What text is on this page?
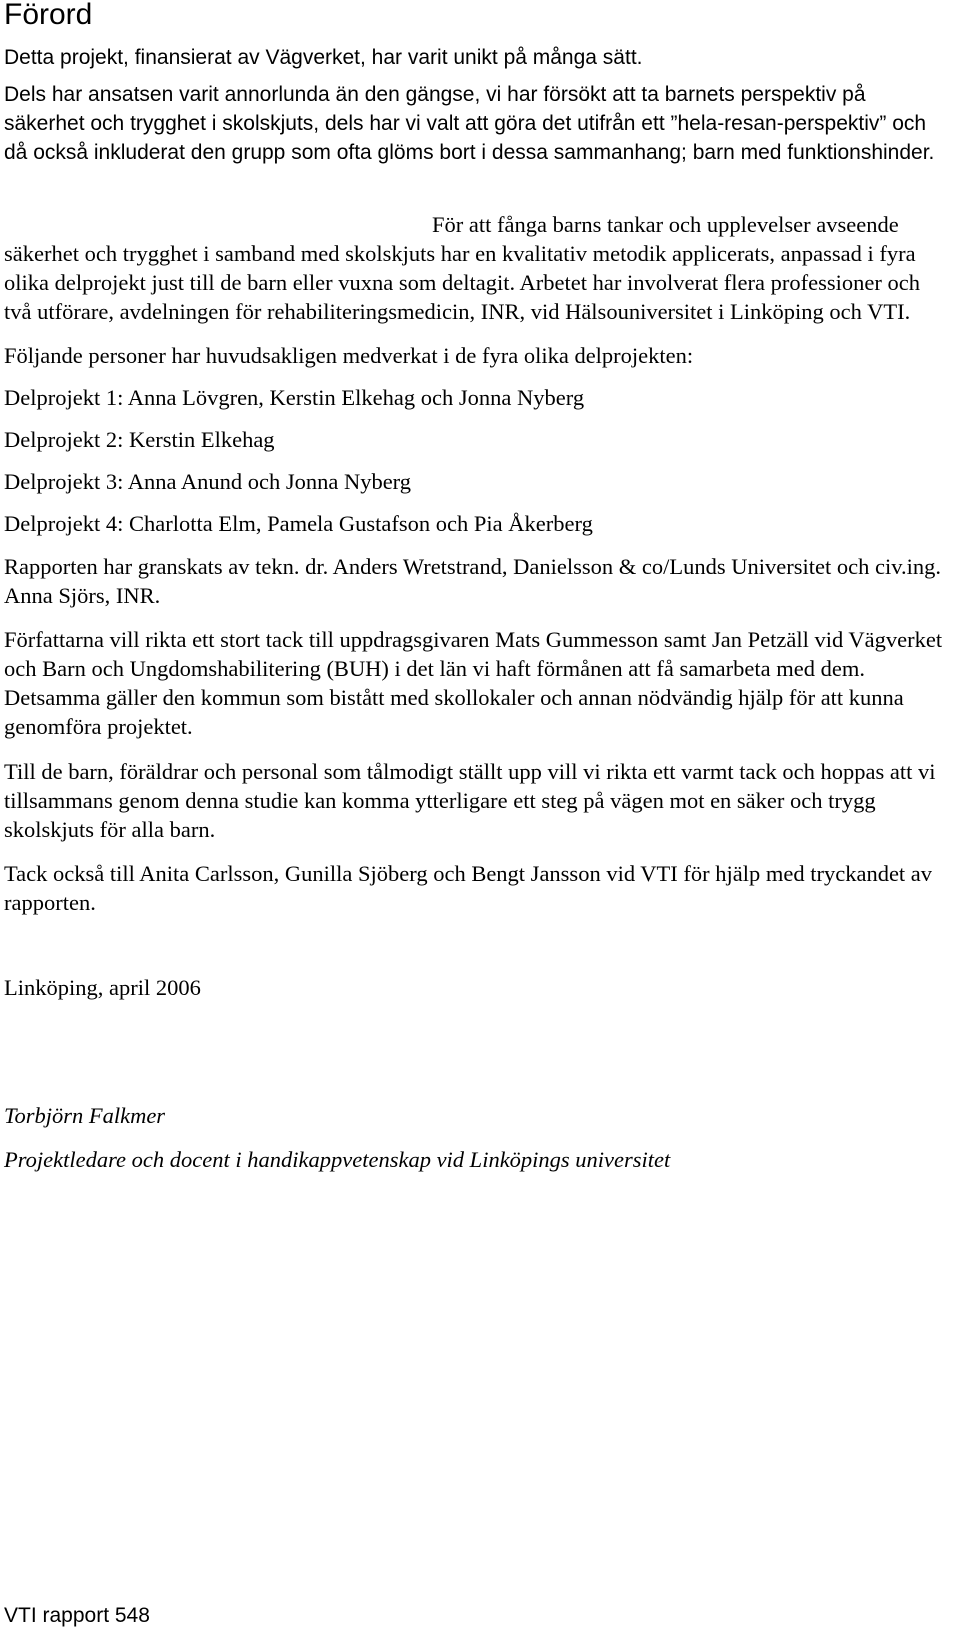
Förord

Detta projekt, finansierat av Vägverket, har varit unikt på många sätt.

Dels har ansatsen varit annorlunda än den gängse, vi har försökt att ta barnets perspektiv på säkerhet och trygghet i skolskjuts, dels har vi valt att göra det utifrån ett ”hela-resan-perspektiv” och då också inkluderat den grupp som ofta glöms bort i dessa sammanhang; barn med funktionshinder.

För att fånga barns tankar och upplevelser avseende säkerhet och trygghet i samband med skolskjuts har en kvalitativ metodik applicerats, anpassad i fyra olika delprojekt just till de barn eller vuxna som deltagit. Arbetet har involverat flera professioner och två utförare, avdelningen för rehabiliteringsmedicin, INR, vid Hälsouniversitet i Linköping och VTI.

Följande personer har huvudsakligen medverkat i de fyra olika delprojekten:

Delprojekt 1: Anna Lövgren, Kerstin Elkehag och Jonna Nyberg

Delprojekt 2: Kerstin Elkehag

Delprojekt 3: Anna Anund och Jonna Nyberg

Delprojekt 4: Charlotta Elm, Pamela Gustafson och Pia Åkerberg

Rapporten har granskats av tekn. dr. Anders Wretstrand, Danielsson & co/Lunds Universitet och civ.ing. Anna Sjörs, INR.

Författarna vill rikta ett stort tack till uppdragsgivaren Mats Gummesson samt Jan Petzäll vid Vägverket och Barn och Ungdomshabilitering (BUH) i det län vi haft förmånen att få samarbeta med dem. Detsamma gäller den kommun som bistått med skollokaler och annan nödvändig hjälp för att kunna genomföra projektet.

Till de barn, föräldrar och personal som tålmodigt ställt upp vill vi rikta ett varmt tack och hoppas att vi tillsammans genom denna studie kan komma ytterligare ett steg på vägen mot en säker och trygg skolskjuts för alla barn.

Tack också till Anita Carlsson, Gunilla Sjöberg och Bengt Jansson vid VTI för hjälp med tryckandet av rapporten.

Linköping, april 2006

Torbjörn Falkmer

Projektledare och docent i handikappvetenskap vid Linköpings universitet

VTI rapport 548
